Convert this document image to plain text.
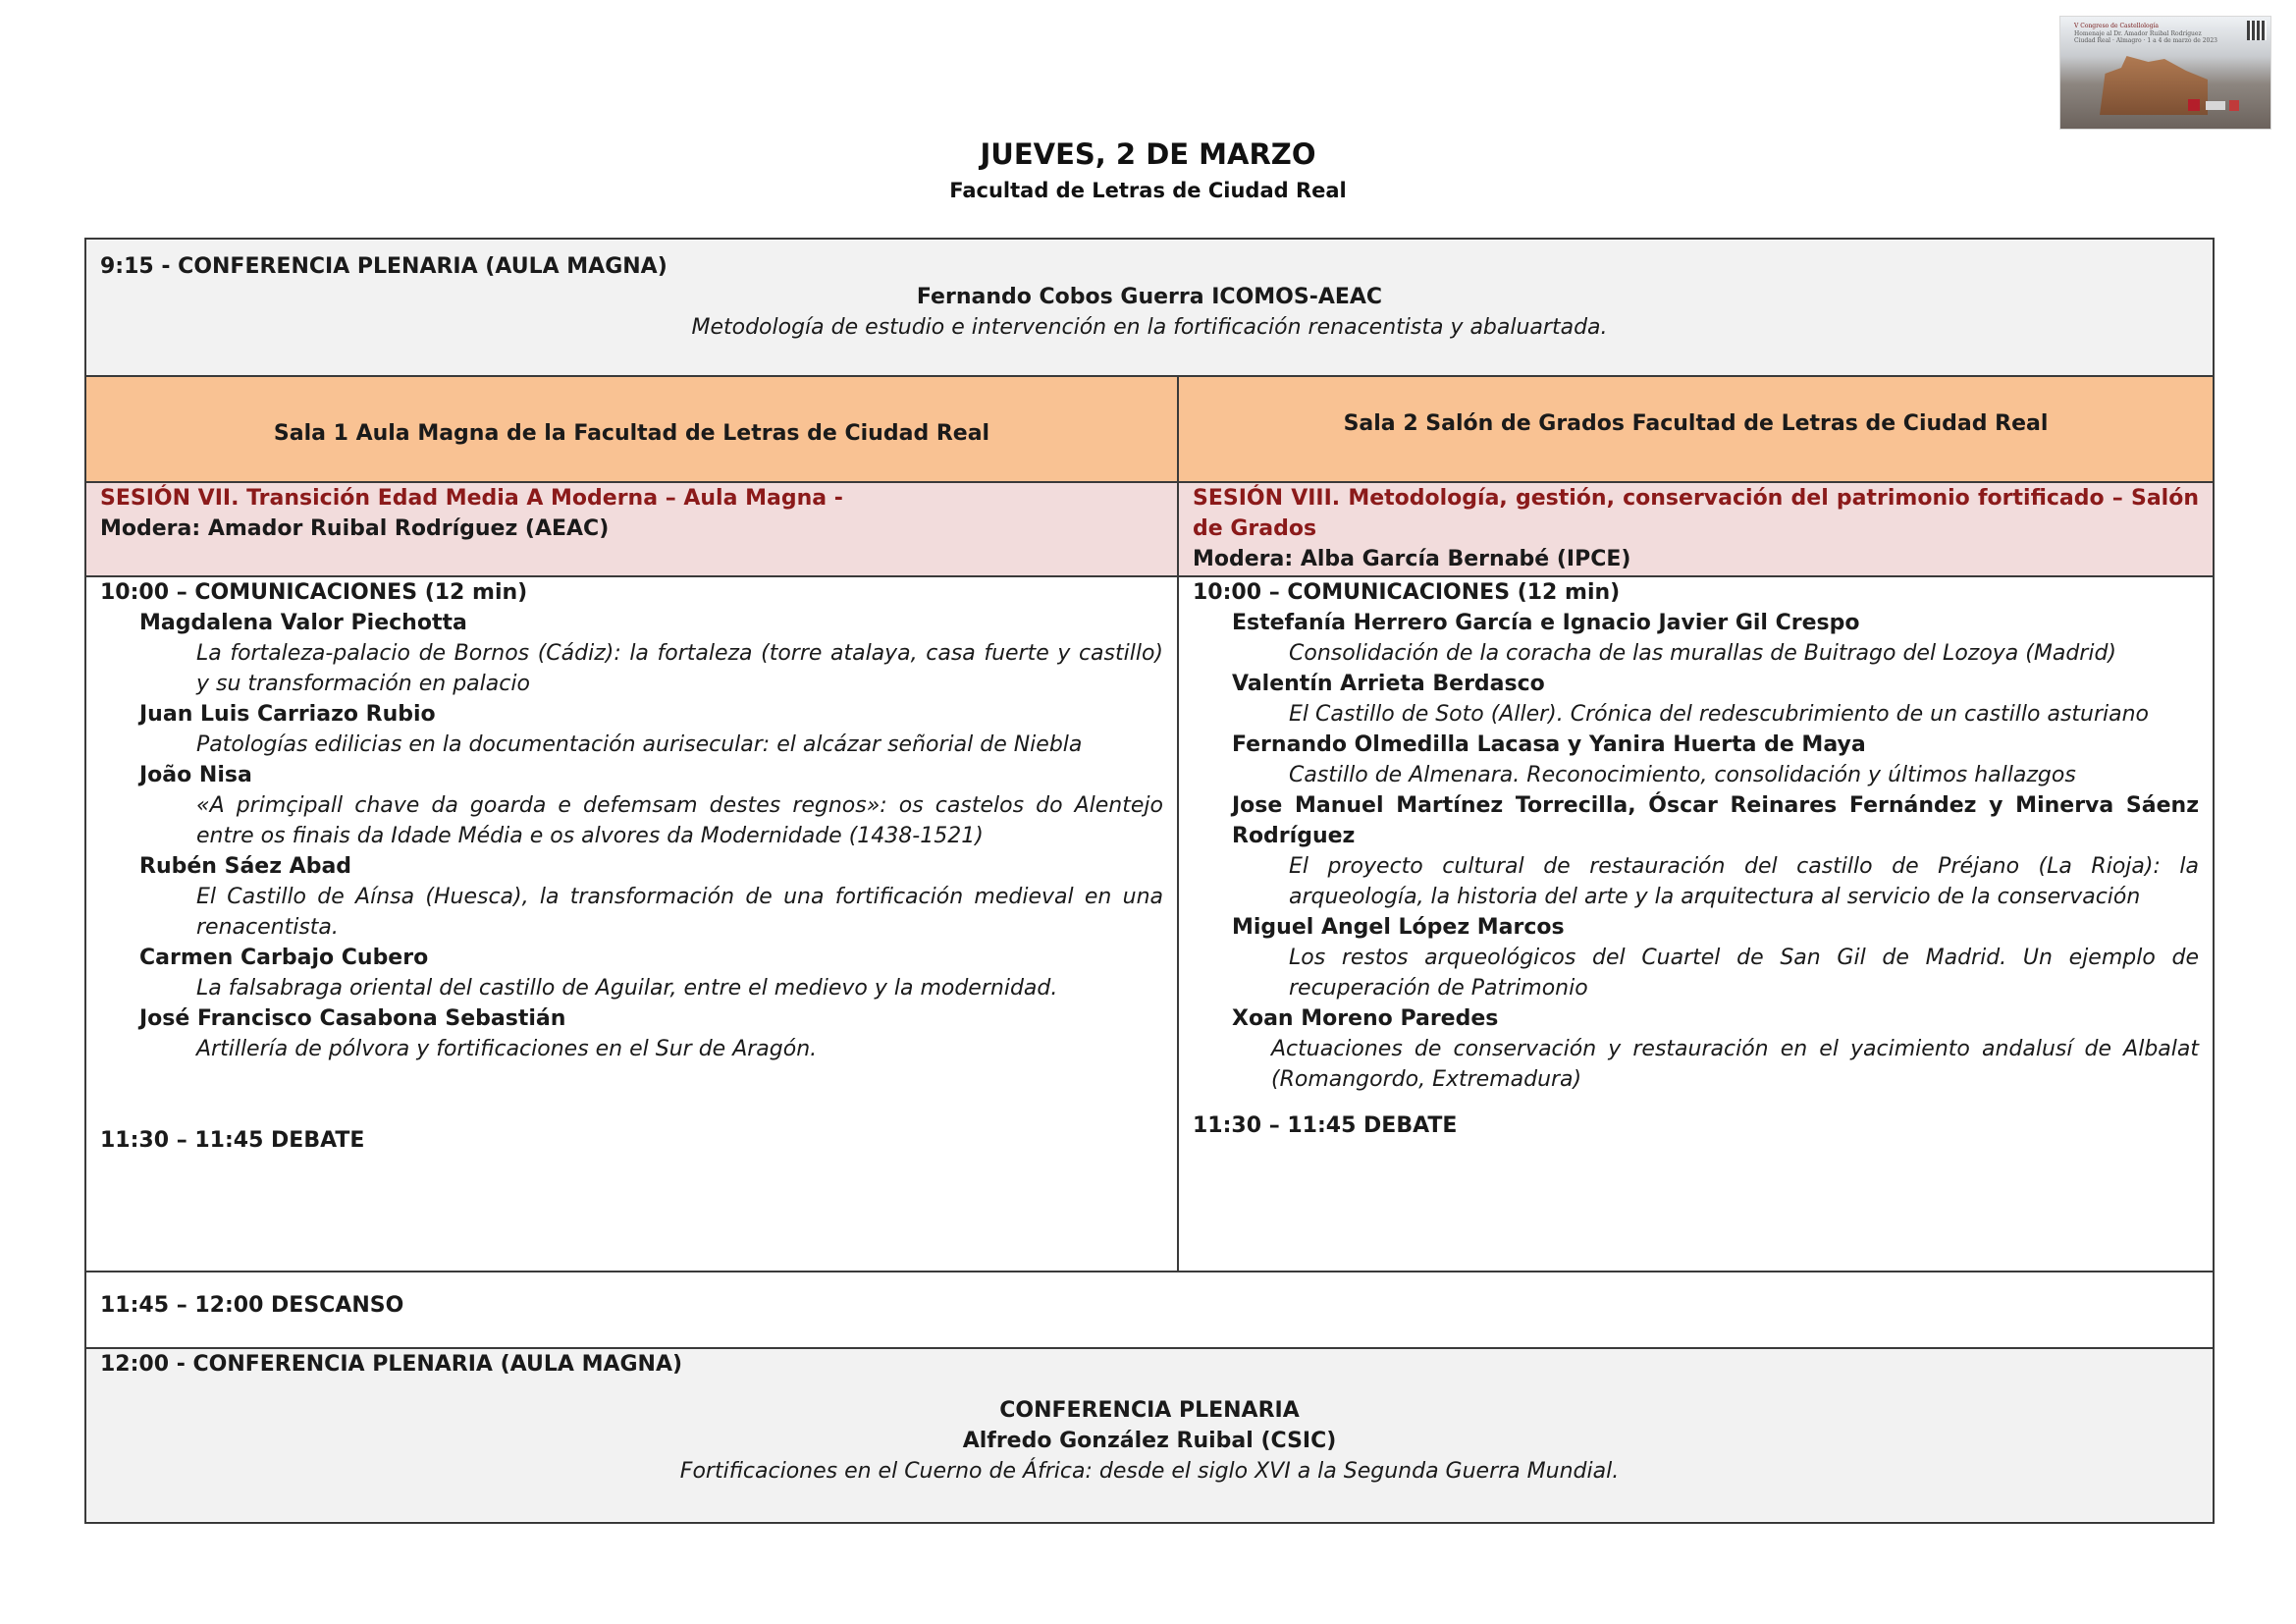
V Congreso de Castellología
Homenaje al Dr. Amador Ruibal Rodríguez
Ciudad Real · Almagro · 1 a 4 de marzo de 2023
JUEVES, 2 DE MARZO
Facultad de Letras de Ciudad Real
9:15 - CONFERENCIA PLENARIA (AULA MAGNA)
Fernando Cobos Guerra ICOMOS-AEAC
Metodología de estudio e intervención en la fortificación renacentista y abaluartada.
Sala 1 Aula Magna de la Facultad de Letras de Ciudad Real	Sala 2 Salón de Grados Facultad de Letras de Ciudad Real
SESIÓN VII. Transición Edad Media A Moderna – Aula Magna -
Modera: Amador Ruibal Rodríguez (AEAC)
SESIÓN VIII. Metodología, gestión, conservación del patrimonio fortificado – Salón de Grados
Modera: Alba García Bernabé (IPCE)
10:00 – COMUNICACIONES (12 min)
Magdalena Valor Piechotta
La fortaleza-palacio de Bornos (Cádiz): la fortaleza (torre atalaya, casa fuerte y castillo) y su transformación en palacio
Juan Luis Carriazo Rubio
Patologías edilicias en la documentación aurisecular: el alcázar señorial de Niebla
João Nisa
«A primçipall chave da goarda e defemsam destes regnos»: os castelos do Alentejo entre os finais da Idade Média e os alvores da Modernidade (1438-1521)
Rubén Sáez Abad
El Castillo de Aínsa (Huesca), la transformación de una fortificación medieval en una renacentista.
Carmen Carbajo Cubero
La falsabraga oriental del castillo de Aguilar, entre el medievo y la modernidad.
José Francisco Casabona Sebastián
Artillería de pólvora y fortificaciones en el Sur de Aragón.
11:30 – 11:45 DEBATE
10:00 – COMUNICACIONES (12 min)
Estefanía Herrero García e Ignacio Javier Gil Crespo
Consolidación de la coracha de las murallas de Buitrago del Lozoya (Madrid)
Valentín Arrieta Berdasco
El Castillo de Soto (Aller). Crónica del redescubrimiento de un castillo asturiano
Fernando Olmedilla Lacasa y Yanira Huerta de Maya
Castillo de Almenara. Reconocimiento, consolidación y últimos hallazgos
Jose Manuel Martínez Torrecilla, Óscar Reinares Fernández y Minerva Sáenz Rodríguez
El proyecto cultural de restauración del castillo de Préjano (La Rioja): la arqueología, la historia del arte y la arquitectura al servicio de la conservación
Miguel Angel López Marcos
Los restos arqueológicos del Cuartel de San Gil de Madrid. Un ejemplo de recuperación de Patrimonio
Xoan Moreno Paredes
Actuaciones de conservación y restauración en el yacimiento andalusí de Albalat (Romangordo, Extremadura)
11:30 – 11:45 DEBATE
11:45 – 12:00 DESCANSO
12:00 - CONFERENCIA PLENARIA (AULA MAGNA)
CONFERENCIA PLENARIA
Alfredo González Ruibal (CSIC)
Fortificaciones en el Cuerno de África: desde el siglo XVI a la Segunda Guerra Mundial.
